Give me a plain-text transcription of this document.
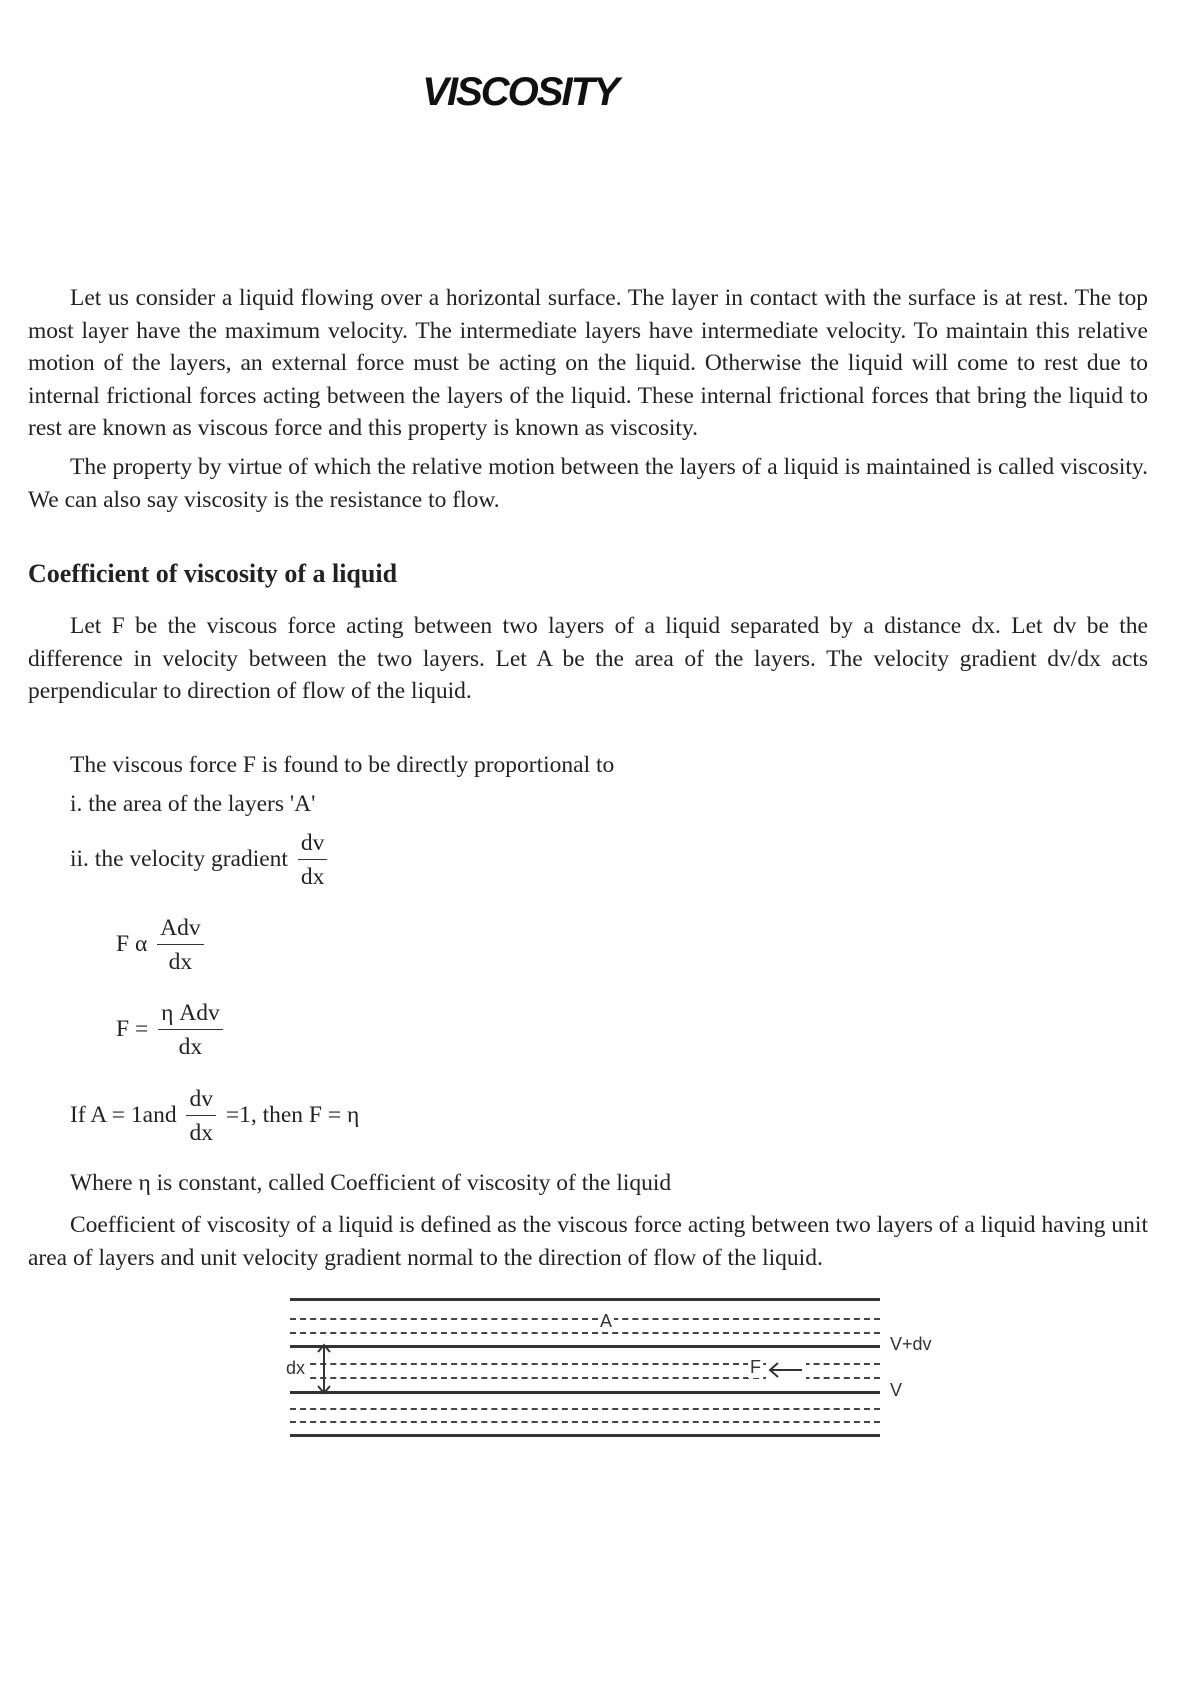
VISCOSITY

Let us consider a liquid flowing over a horizontal surface. The layer in contact with the surface is at rest. The top most layer have the maximum velocity. The intermediate layers have intermediate velocity. To maintain this relative motion of the layers, an external force must be acting on the liquid. Otherwise the liquid will come to rest due to internal frictional forces acting between the layers of the liquid. These internal frictional forces that bring the liquid to rest are known as viscous force and this property is known as viscosity.

The property by virtue of which the relative motion between the layers of a liquid is maintained is called viscosity. We can also say viscosity is the resistance to flow.

Coefficient of viscosity of a liquid

Let F be the viscous force acting between two layers of a liquid separated by a distance dx. Let dv be the difference in velocity between the two layers. Let A be the area of the layers. The velocity gradient dv/dx acts perpendicular to direction of flow of the liquid.

The viscous force F is found to be directly proportional to
i. the area of the layers 'A'
ii. the velocity gradient $\frac{dv}{dx}$
F α $\frac{\text{Adv}}{dx}$
$F = \frac{\text{η Adv}}{dx}$
If $A = 1and \frac{dv}{dx} =1$, then F = η
Where η is constant, called Coefficient of viscosity of the liquid

Coefficient of viscosity of a liquid is defined as the viscous force acting between two layers of a liquid having unit area of layers and unit velocity gradient normal to the direction of flow of the liquid.

A
dx	F
V+dv
V
